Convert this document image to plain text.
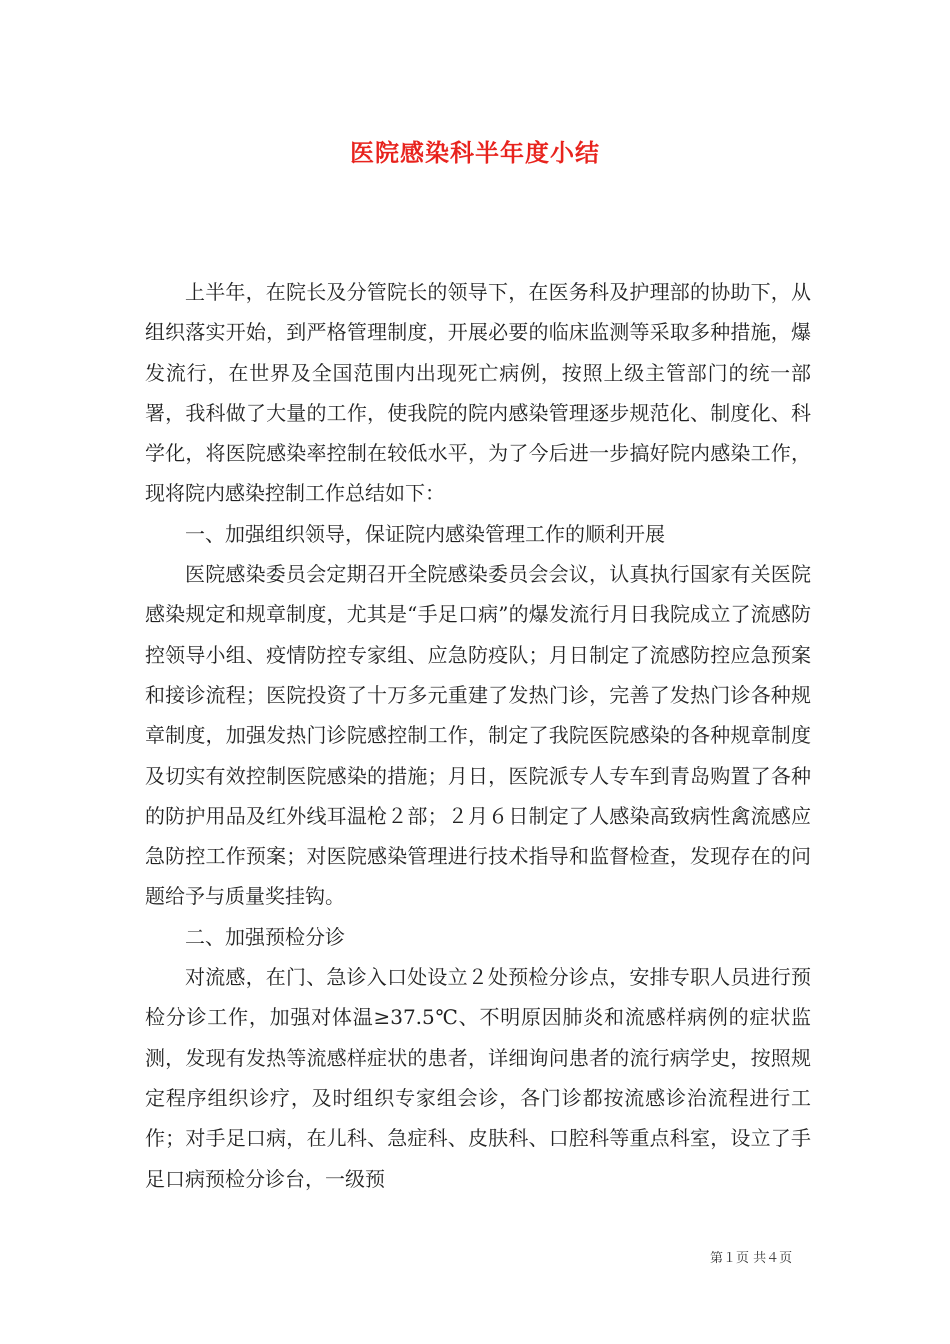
医院感染科半年度小结

上半年，在院长及分管院长的领导下，在医务科及护理部的协助下，从组织落实开始，到严格管理制度，开展必要的临床监测等采取多种措施，爆发流行，在世界及全国范围内出现死亡病例，按照上级主管部门的统一部署，我科做了大量的工作，使我院的院内感染管理逐步规范化、制度化、科学化，将医院感染率控制在较低水平，为了今后进一步搞好院内感染工作，现将院内感染控制工作总结如下：

一、加强组织领导，保证院内感染管理工作的顺利开展

医院感染委员会定期召开全院感染委员会会议，认真执行国家有关医院感染规定和规章制度，尤其是“手足口病”的爆发流行月日我院成立了流感防控领导小组、疫情防控专家组、应急防疫队；月日制定了流感防控应急预案和接诊流程；医院投资了十万多元重建了发热门诊，完善了发热门诊各种规章制度，加强发热门诊院感控制工作，制定了我院医院感染的各种规章制度及切实有效控制医院感染的措施；月日，医院派专人专车到青岛购置了各种的防护用品及红外线耳温枪２部；２月６日制定了人感染高致病性禽流感应急防控工作预案；对医院感染管理进行技术指导和监督检查，发现存在的问题给予与质量奖挂钩。

二、加强预检分诊

对流感，在门、急诊入口处设立２处预检分诊点，安排专职人员进行预检分诊工作，加强对体温≥37.5℃、不明原因肺炎和流感样病例的症状监测，发现有发热等流感样症状的患者，详细询问患者的流行病学史，按照规定程序组织诊疗，及时组织专家组会诊，各门诊都按流感诊治流程进行工作；对手足口病，在儿科、急症科、皮肤科、口腔科等重点科室，设立了手足口病预检分诊台，一级预

第１页 共４页
